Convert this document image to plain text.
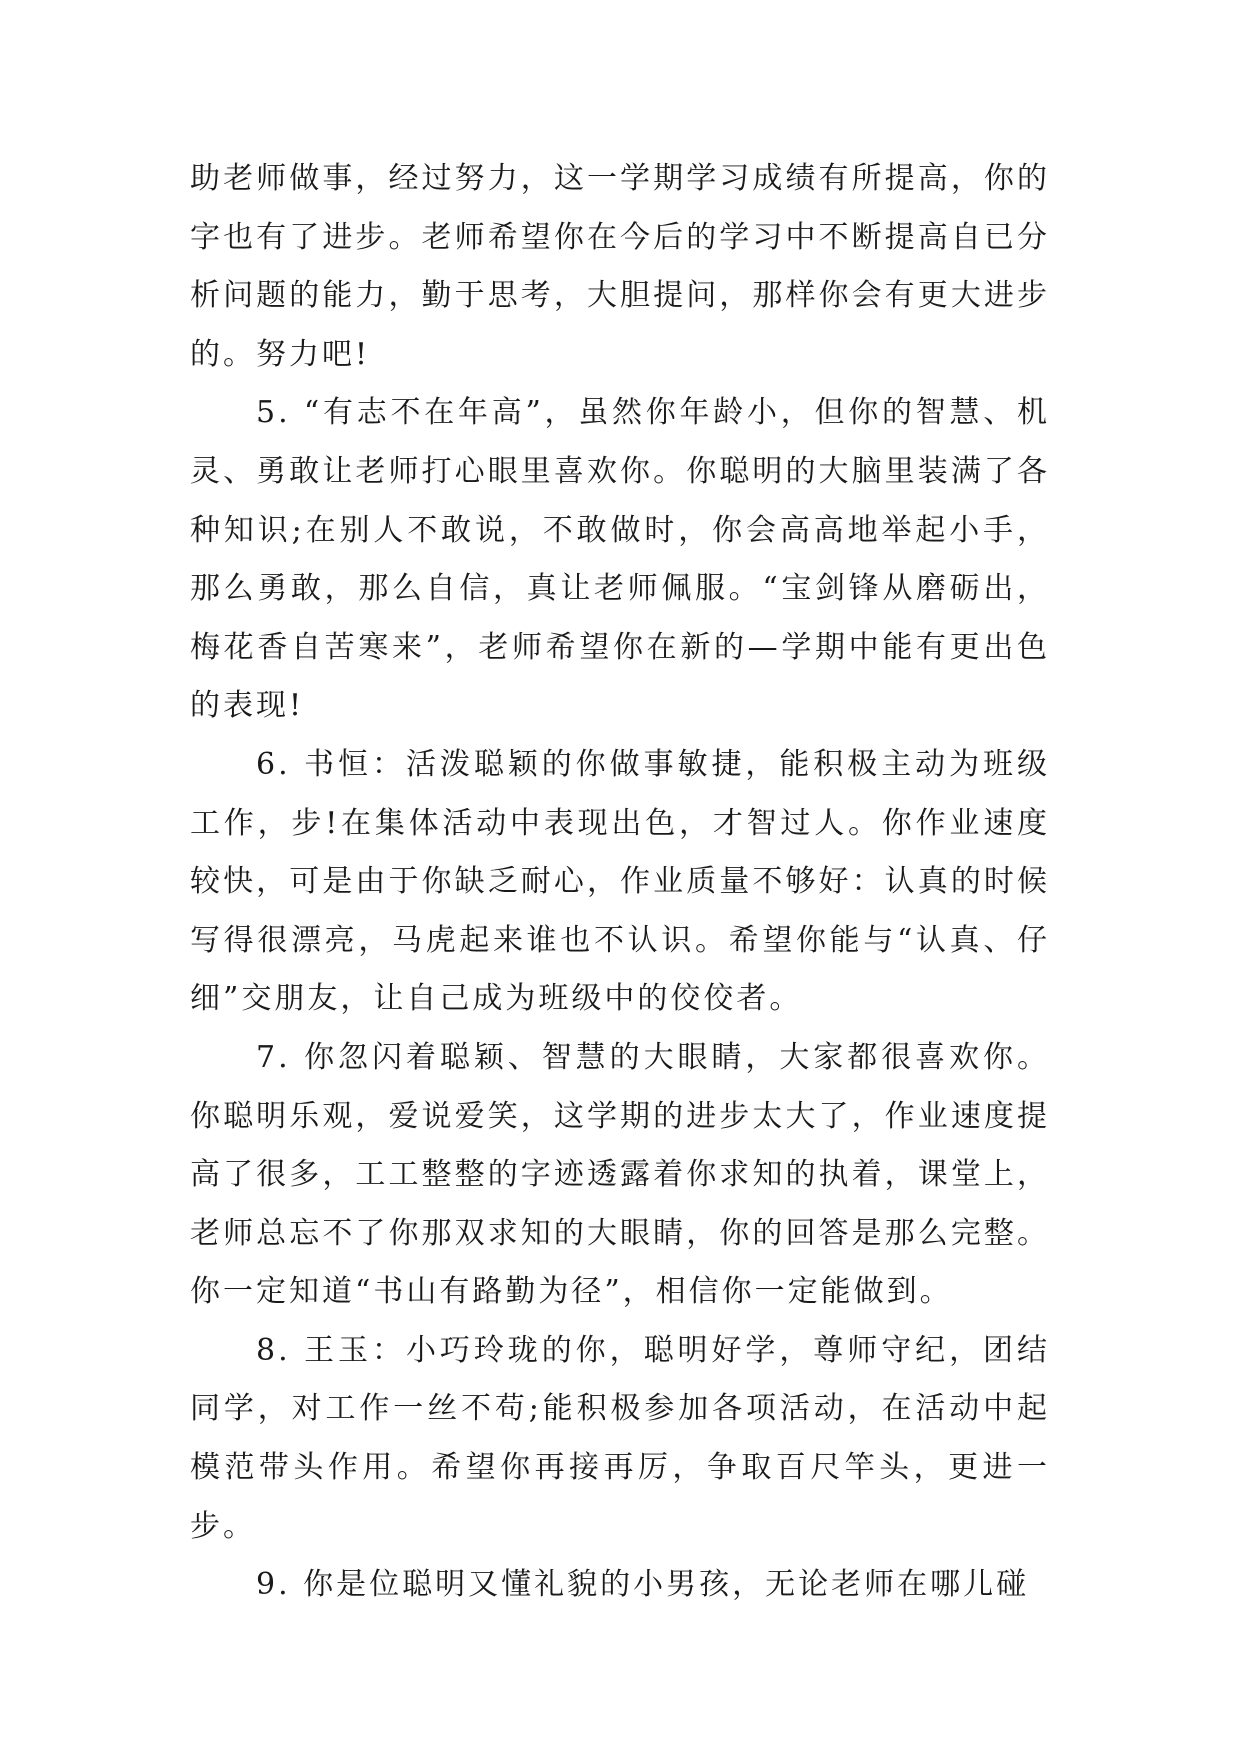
助老师做事，经过努力，这一学期学习成绩有所提高，你的字也有了进步。老师希望你在今后的学习中不断提高自已分析问题的能力，勤于思考，大胆提问，那样你会有更大进步的。努力吧!

5. “有志不在年高”，虽然你年龄小，但你的智慧、机灵、勇敢让老师打心眼里喜欢你。你聪明的大脑里装满了各种知识;在别人不敢说，不敢做时，你会高高地举起小手，那么勇敢，那么自信，真让老师佩服。“宝剑锋从磨砺出，梅花香自苦寒来”，老师希望你在新的—学期中能有更出色的表现!

6. 书恒：活泼聪颖的你做事敏捷，能积极主动为班级工作，步!在集体活动中表现出色，才智过人。你作业速度较快，可是由于你缺乏耐心，作业质量不够好：认真的时候写得很漂亮，马虎起来谁也不认识。希望你能与“认真、仔细”交朋友，让自己成为班级中的佼佼者。

7. 你忽闪着聪颖、智慧的大眼睛，大家都很喜欢你。你聪明乐观，爱说爱笑，这学期的进步太大了，作业速度提高了很多，工工整整的字迹透露着你求知的执着，课堂上，老师总忘不了你那双求知的大眼睛，你的回答是那么完整。你一定知道“书山有路勤为径”，相信你一定能做到。

8. 王玉：小巧玲珑的你，聪明好学，尊师守纪，团结同学，对工作一丝不苟;能积极参加各项活动，在活动中起模范带头作用。希望你再接再厉，争取百尺竿头，更进一步。

9. 你是位聪明又懂礼貌的小男孩，无论老师在哪儿碰
